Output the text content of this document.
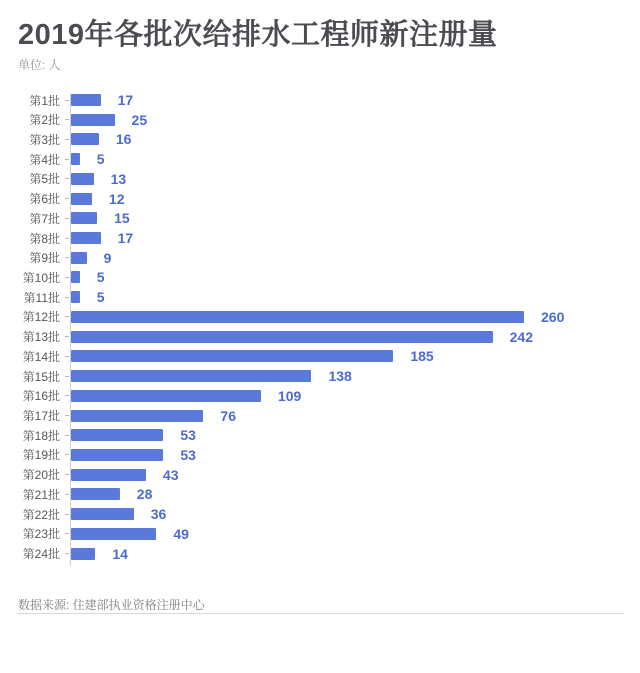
2019年各批次给排水工程师新注册量
单位: 人
第1批	17
第2批	25
第3批	16
第4批	5
第5批	13
第6批	12
第7批	15
第8批	17
第9批	9
第10批	5
第11批	5
第12批	260
第13批	242
第14批	185
第15批	138
第16批	109
第17批	76
第18批	53
第19批	53
第20批	43
第21批	28
第22批	36
第23批	49
第24批	14
数据来源: 住建部执业资格注册中心
